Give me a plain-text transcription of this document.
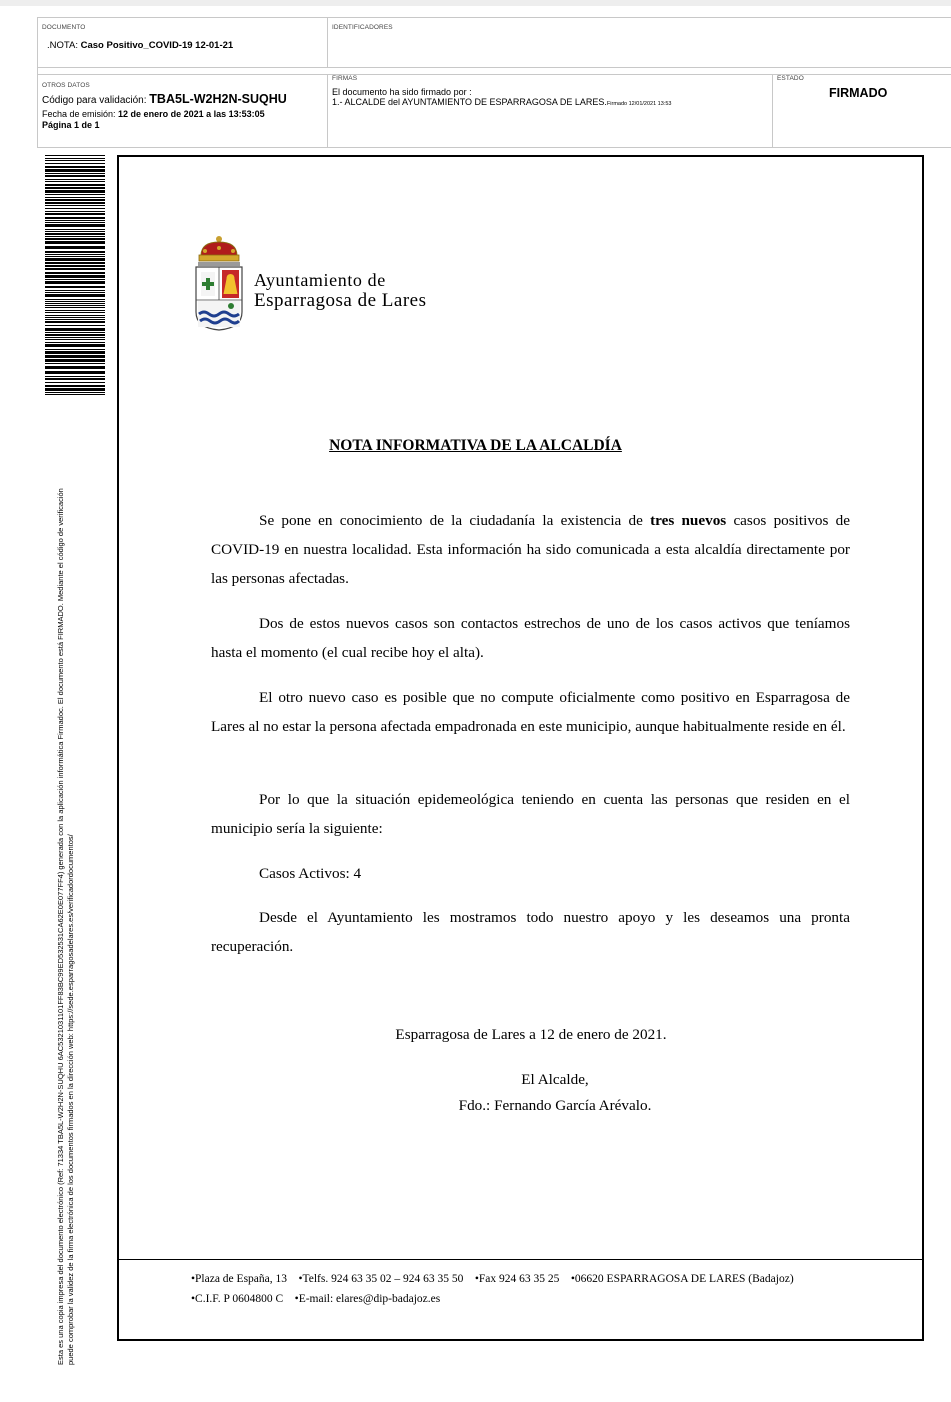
DOCUMENTO
.NOTA: Caso Positivo_COVID-19 12-01-21
IDENTIFICADORES
OTROS DATOS
Código para validación: TBA5L-W2H2N-SUQHU
Fecha de emisión: 12 de enero de 2021 a las 13:53:05
Página 1 de 1
FIRMAS
El documento ha sido firmado por :
1.- ALCALDE del AYUNTAMIENTO DE ESPARRAGOSA DE LARES.Firmado 12/01/2021 13:53
ESTADO
FIRMADO
Esta es una copia impresa del documento electrónico (Ref: 71334 TBA5L-W2H2N-SUQHU 6AC5321031101FF83BC99ED532531CA62E0E077FF4) generada con la aplicación informática Firmadoc. El documento está FIRMADO. Mediante el código de verificación puede comprobar la validez de la firma electrónica de los documentos firmados en la dirección web: https://sede.esparragosadelares.es/verificadordocumentos/
Ayuntamiento de
Esparragosa de Lares
NOTA INFORMATIVA DE LA ALCALDÍA
Se pone en conocimiento de la ciudadanía la existencia de tres nuevos casos positivos de COVID-19 en nuestra localidad. Esta información ha sido comunicada a esta alcaldía directamente por las personas afectadas.
Dos de estos nuevos casos son contactos estrechos de uno de los casos activos que teníamos hasta el momento (el cual recibe hoy el alta).
El otro nuevo caso es posible que no compute oficialmente como positivo en Esparragosa de Lares al no estar la persona afectada empadronada en este municipio, aunque habitualmente reside en él.
Por lo que la situación epidemeológica teniendo en cuenta las personas que residen en el municipio sería la siguiente:
Casos Activos: 4
Desde el Ayuntamiento les mostramos todo nuestro apoyo y les deseamos una pronta recuperación.
Esparragosa de Lares a 12 de enero de 2021.
El Alcalde,
Fdo.: Fernando García Arévalo.
•Plaza de España, 13 •Telfs. 924 63 35 02 – 924 63 35 50 •Fax 924 63 35 25 •06620 ESPARRAGOSA DE LARES (Badajoz)
•C.I.F. P 0604800 C •E-mail: elares@dip-badajoz.es
